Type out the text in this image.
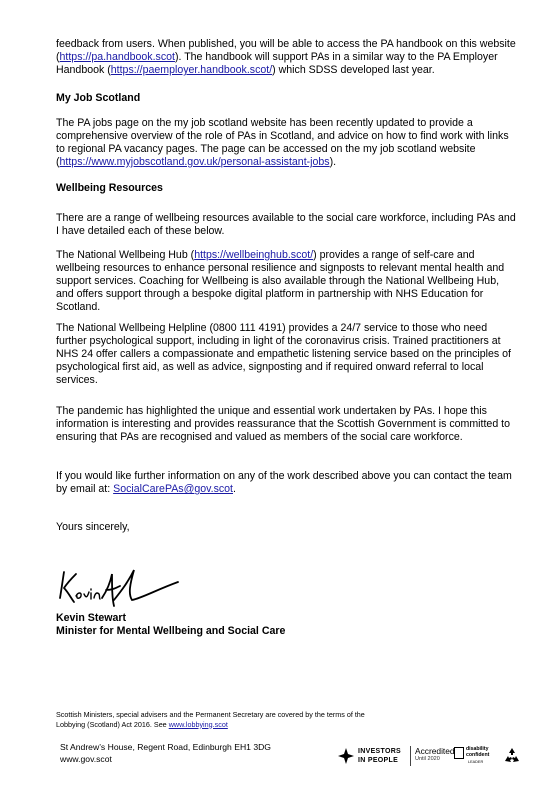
feedback from users. When published, you will be able to access the PA handbook on this website (https://pa.handbook.scot). The handbook will support PAs in a similar way to the PA Employer Handbook (https://paemployer.handbook.scot/) which SDSS developed last year.

My Job Scotland

The PA jobs page on the my job scotland website has been recently updated to provide a comprehensive overview of the role of PAs in Scotland, and advice on how to find work with links to regional PA vacancy pages. The page can be accessed on the my job scotland website (https://www.myjobscotland.gov.uk/personal-assistant-jobs).

Wellbeing Resources

There are a range of wellbeing resources available to the social care workforce, including PAs and I have detailed each of these below.

The National Wellbeing Hub (https://wellbeinghub.scot/) provides a range of self-care and wellbeing resources to enhance personal resilience and signposts to relevant mental health and support services. Coaching for Wellbeing is also available through the National Wellbeing Hub, and offers support through a bespoke digital platform in partnership with NHS Education for Scotland.

The National Wellbeing Helpline (0800 111 4191) provides a 24/7 service to those who need further psychological support, including in light of the coronavirus crisis. Trained practitioners at NHS 24 offer callers a compassionate and empathetic listening service based on the principles of psychological first aid, as well as advice, signposting and if required onward referral to local services.

The pandemic has highlighted the unique and essential work undertaken by PAs. I hope this information is interesting and provides reassurance that the Scottish Government is committed to ensuring that PAs are recognised and valued as members of the social care workforce.

If you would like further information on any of the work described above you can contact the team by email at: SocialCarePAs@gov.scot.

Yours sincerely,

Kevin Stewart
Minister for Mental Wellbeing and Social Care
Scottish Ministers, special advisers and the Permanent Secretary are covered by the terms of the Lobbying (Scotland) Act 2016. See www.lobbying.scot
St Andrew’s House, Regent Road, Edinburgh EH1 3DG
www.gov.scot
INVESTORS
IN PEOPLE
Accredited
Until 2020
disability
confident
LEADER
